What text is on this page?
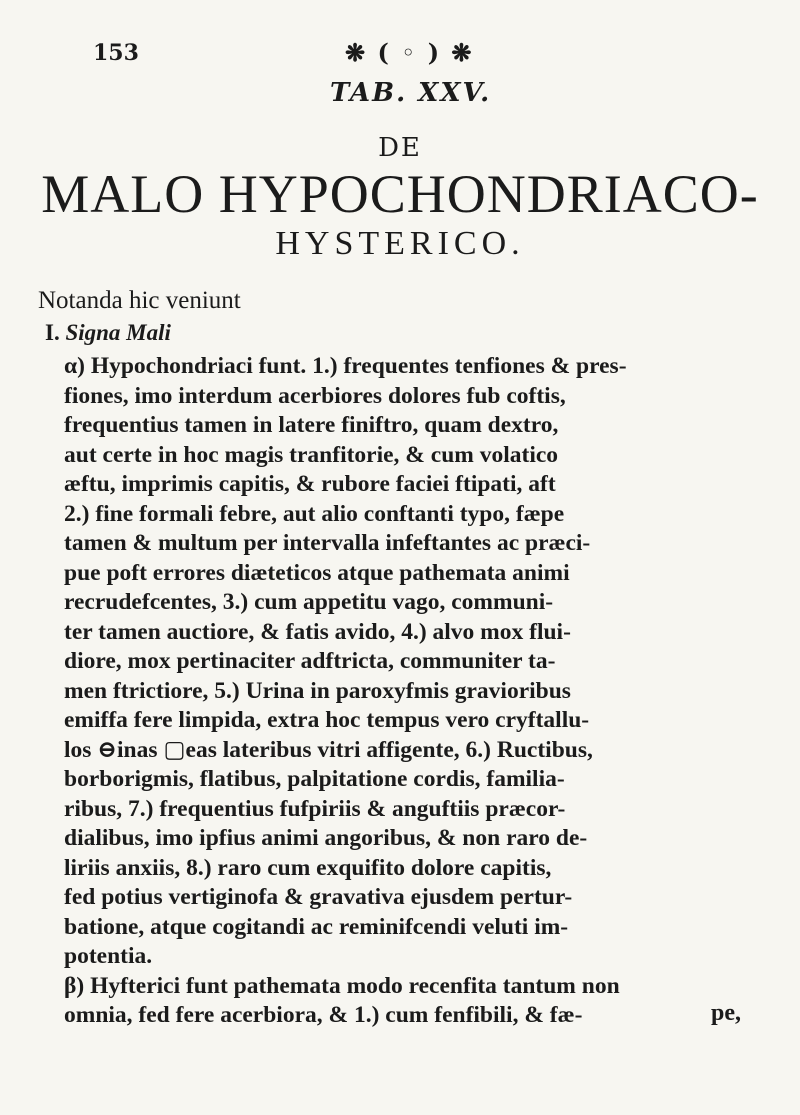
153	❋ ( ◦ ) ❋
TAB. XXV.
DE
MALO HYPOCHONDRIACO-
HYSTERICO.
Notanda hic veniunt
I. Signa Mali

α) Hypochondriaci funt. 1.) frequentes tenfiones & pres-
fiones, imo interdum acerbiores dolores fub coftis,
frequentius tamen in latere finiftro, quam dextro,
aut certe in hoc magis tranfitorie, & cum volatico
æftu, imprimis capitis, & rubore faciei ftipati, aft
2.) fine formali febre, aut alio conftanti typo, fæpe
tamen & multum per intervalla infeftantes ac præci-
pue poft errores diæteticos atque pathemata animi
recrudefcentes, 3.) cum appetitu vago, communi-
ter tamen auctiore, & fatis avido, 4.) alvo mox flui-
diore, mox pertinaciter adftricta, communiter ta-
men ftrictiore, 5.) Urina in paroxyfmis gravioribus
emiffa fere limpida, extra hoc tempus vero cryftallu-
los ⊖inas ▢eas lateribus vitri affigente, 6.) Ructibus,
borborigmis, flatibus, palpitatione cordis, familia-
ribus, 7.) frequentius fufpiriis & anguftiis præcor-
dialibus, imo ipfius animi angoribus, & non raro de-
liriis anxiis, 8.) raro cum exquifito dolore capitis,
fed potius vertiginofa & gravativa ejusdem pertur-
batione, atque cogitandi ac reminifcendi veluti im-
potentia.

β) Hyfterici funt pathemata modo recenfita tantum non
omnia, fed fere acerbiora, & 1.) cum fenfibili, & fæ-	pe,
